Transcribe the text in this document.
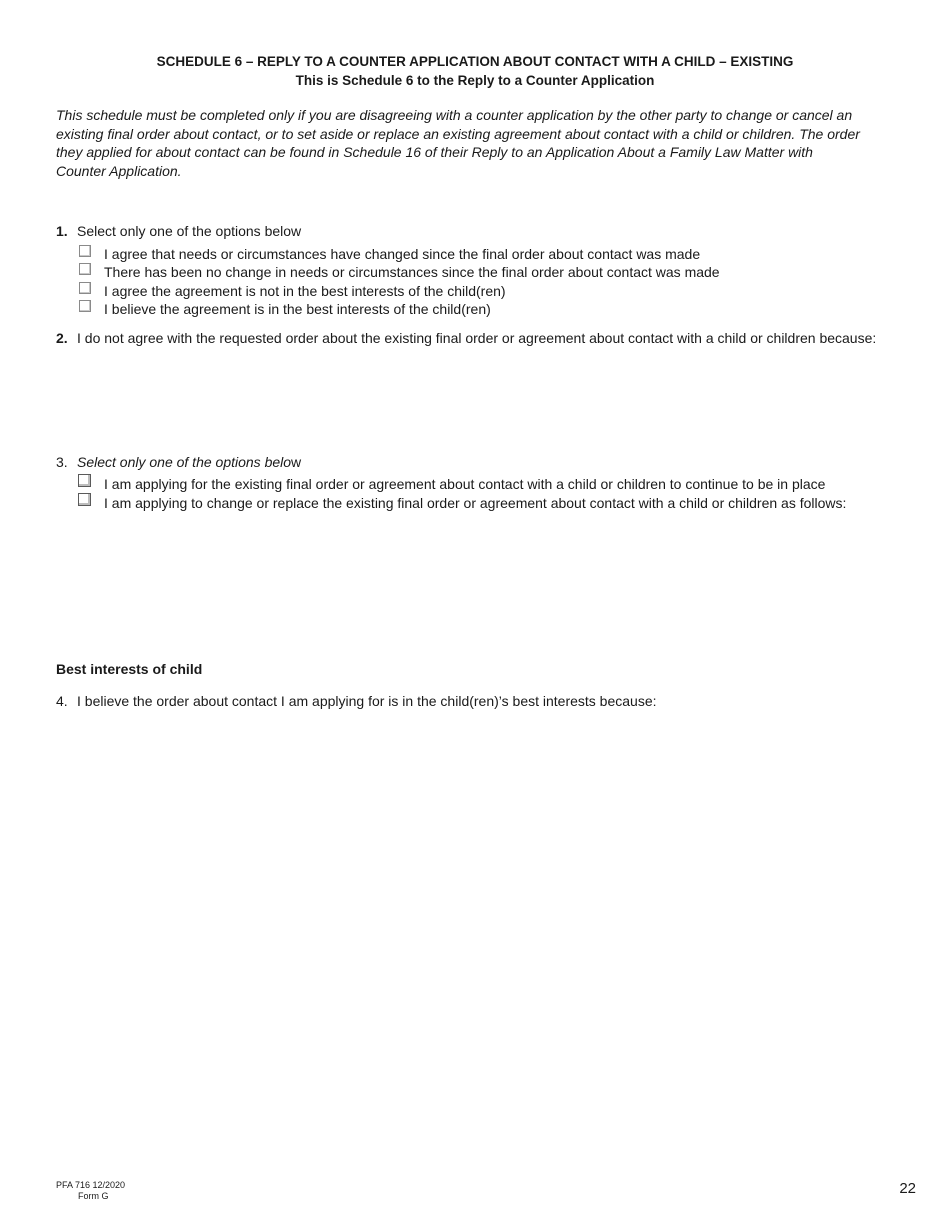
SCHEDULE 6 – REPLY TO A COUNTER APPLICATION ABOUT CONTACT WITH A CHILD – EXISTING
This is Schedule 6 to the Reply to a Counter Application
This schedule must be completed only if you are disagreeing with a counter application by the other party to change or cancel an existing final order about contact, or to set aside or replace an existing agreement about contact with a child or children. The order they applied for about contact can be found in Schedule 16 of their Reply to an Application About a Family Law Matter with Counter Application.
1. Select only one of the options below
I agree that needs or circumstances have changed since the final order about contact was made
There has been no change in needs or circumstances since the final order about contact was made
I agree the agreement is not in the best interests of the child(ren)
I believe the agreement is in the best interests of the child(ren)
2. I do not agree with the requested order about the existing final order or agreement about contact with a child or children because:
3. Select only one of the options below
I am applying for the existing final order or agreement about contact with a child or children to continue to be in place
I am applying to change or replace the existing final order or agreement about contact with a child or children as follows:
Best interests of child
4. I believe the order about contact I am applying for is in the child(ren)’s best interests because:
PFA 716 12/2020
Form G	22
